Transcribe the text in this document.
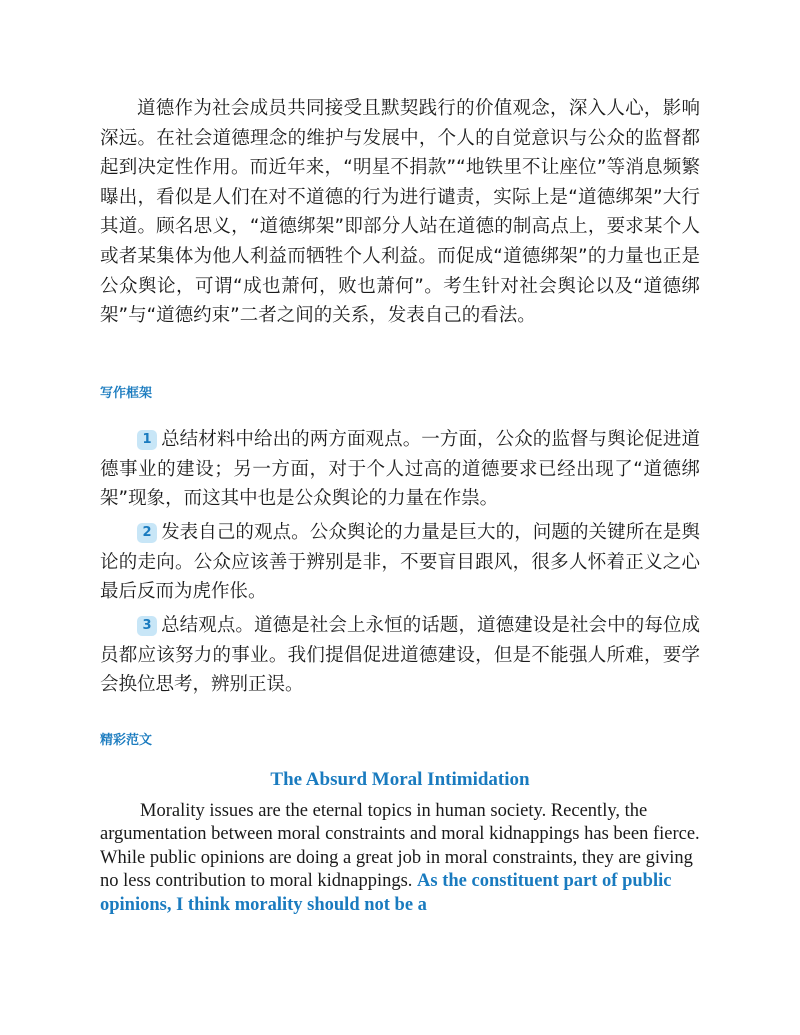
道德作为社会成员共同接受且默契践行的价值观念，深入人心，影响深远。在社会道德理念的维护与发展中，个人的自觉意识与公众的监督都起到决定性作用。而近年来，“明星不捐款”“地铁里不让座位”等消息频繁曝出，看似是人们在对不道德的行为进行谴责，实际上是“道德绑架”大行其道。顾名思义，“道德绑架”即部分人站在道德的制高点上，要求某个人或者某集体为他人利益而牺牲个人利益。而促成“道德绑架”的力量也正是公众舆论，可谓“成也萧何，败也萧何”。考生针对社会舆论以及“道德绑架”与“道德约束”二者之间的关系，发表自己的看法。

写作框架

1 总结材料中给出的两方面观点。一方面，公众的监督与舆论促进道德事业的建设；另一方面，对于个人过高的道德要求已经出现了“道德绑架”现象，而这其中也是公众舆论的力量在作祟。

2 发表自己的观点。公众舆论的力量是巨大的，问题的关键所在是舆论的走向。公众应该善于辨别是非，不要盲目跟风，很多人怀着正义之心最后反而为虎作伥。

3 总结观点。道德是社会上永恒的话题，道德建设是社会中的每位成员都应该努力的事业。我们提倡促进道德建设，但是不能强人所难，要学会换位思考，辨别正误。

精彩范文
The Absurd Moral Intimidation

Morality issues are the eternal topics in human society. Recently, the argumentation between moral constraints and moral kidnappings has been fierce. While public opinions are doing a great job in moral constraints, they are giving no less contribution to moral kidnappings. As the constituent part of public opinions, I think morality should not be a
